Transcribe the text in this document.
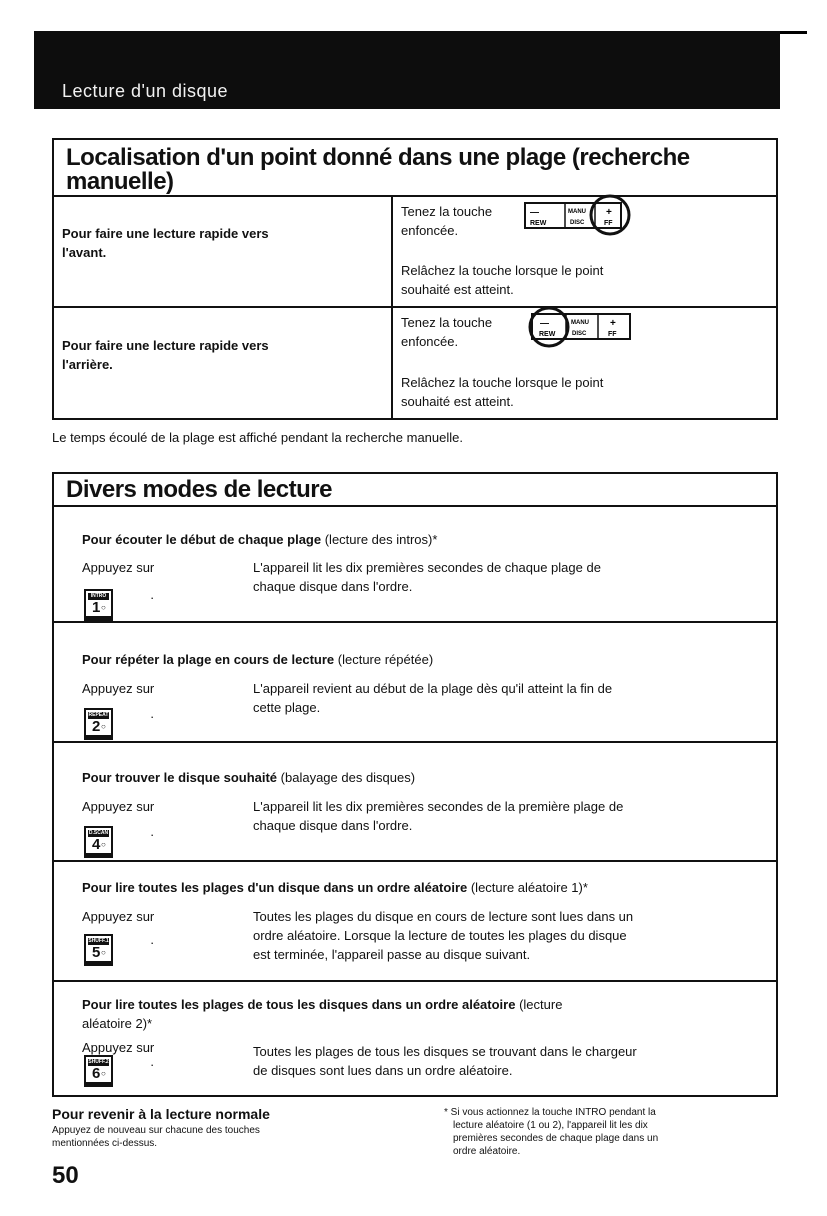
Lecture d'un disque
Localisation d'un point donné dans une plage (recherche
manuelle)
Pour faire une lecture rapide vers
l'avant.
Tenez la touche
enfoncée.
—
REW
MANU
DISC
+
FF
Relâchez la touche lorsque le point
souhaité est atteint.
Pour faire une lecture rapide vers
l'arrière.
Tenez la touche
enfoncée.
—
REW
MANU
DISC
+
FF
Relâchez la touche lorsque le point
souhaité est atteint.
Le temps écoulé de la plage est affiché pendant la recherche manuelle.
Divers modes de lecture
Pour écouter le début de chaque plage (lecture des intros)*
Appuyez sur
INTRO
1 ○
·
L'appareil lit les dix premières secondes de chaque plage de
chaque disque dans l'ordre.
Pour répéter la plage en cours de lecture (lecture répétée)
Appuyez sur
REPEAT
2 ○
·
L'appareil revient au début de la plage dès qu'il atteint la fin de
cette plage.
Pour trouver le disque souhaité (balayage des disques)
Appuyez sur
D.SCAN
4 ○
·
L'appareil lit les dix premières secondes de la première plage de
chaque disque dans l'ordre.
Pour lire toutes les plages d'un disque dans un ordre aléatoire (lecture aléatoire 1)*
Appuyez sur
SHUFF.1
5 ○
·
Toutes les plages du disque en cours de lecture sont lues dans un
ordre aléatoire. Lorsque la lecture de toutes les plages du disque
est terminée, l'appareil passe au disque suivant.
Pour lire toutes les plages de tous les disques dans un ordre aléatoire (lecture
aléatoire 2)*
Appuyez sur
SHUFF.2
6 ○
·
Toutes les plages de tous les disques se trouvant dans le chargeur
de disques sont lues dans un ordre aléatoire.
Pour revenir à la lecture normale
Appuyez de nouveau sur chacune des touches
mentionnées ci-dessus.
50
* Si vous actionnez la touche INTRO pendant la
lecture aléatoire (1 ou 2), l'appareil lit les dix
premières secondes de chaque plage dans un
ordre aléatoire.
